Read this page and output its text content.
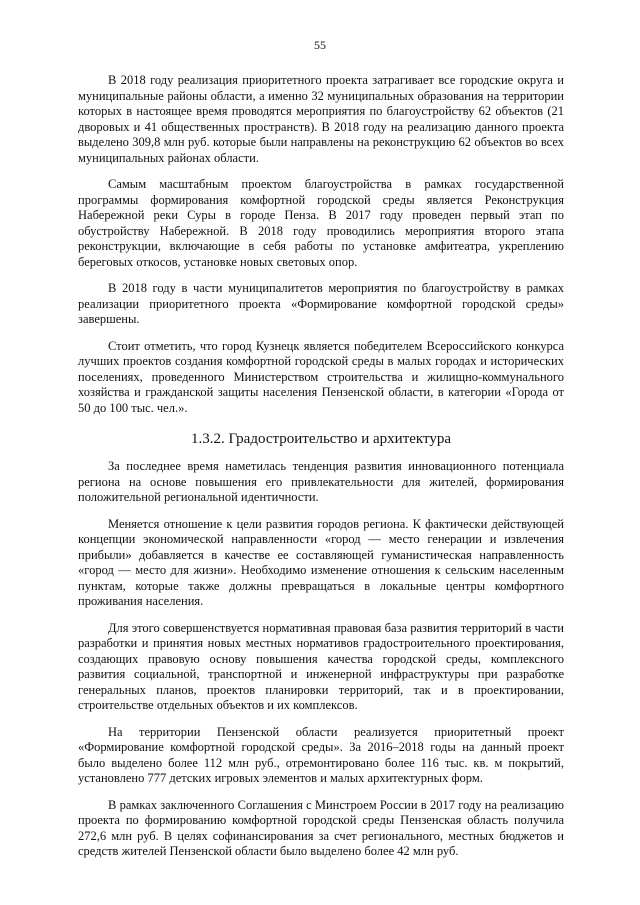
55

В 2018 году реализация приоритетного проекта затрагивает все городские округа и муниципальные районы области, а именно 32 муниципальных образования на территории которых в настоящее время проводятся мероприятия по благоустройству 62 объектов (21 дворовых и 41 общественных пространств). В 2018 году на реализацию данного проекта выделено 309,8 млн руб. которые были направлены на реконструкцию 62 объектов во всех муниципальных районах области.

Самым масштабным проектом благоустройства в рамках государственной программы формирования комфортной городской среды является Реконструкция Набережной реки Суры в городе Пенза. В 2017 году проведен первый этап по обустройству Набережной. В 2018 году проводились мероприятия второго этапа реконструкции, включающие в себя работы по установке амфитеатра, укреплению береговых откосов, установке новых световых опор.

В 2018 году в части муниципалитетов мероприятия по благоустройству в рамках реализации приоритетного проекта «Формирование комфортной городской среды» завершены.

Стоит отметить, что город Кузнецк является победителем Всероссийского конкурса лучших проектов создания комфортной городской среды в малых городах и исторических поселениях, проведенного Министерством строительства и жилищно-коммунального хозяйства и гражданской защиты населения Пензенской области, в категории «Города от 50 до 100 тыс. чел.».

1.3.2. Градостроительство и архитектура

За последнее время наметилась тенденция развития инновационного потенциала региона на основе повышения его привлекательности для жителей, формирования положительной региональной идентичности.

Меняется отношение к цели развития городов региона. К фактически действующей концепции экономической направленности «город — место генерации и извлечения прибыли» добавляется в качестве ее составляющей гуманистическая направленность «город — место для жизни». Необходимо изменение отношения к сельским населенным пунктам, которые также должны превращаться в локальные центры комфортного проживания населения.

Для этого совершенствуется нормативная правовая база развития территорий в части разработки и принятия новых местных нормативов градостроительного проектирования, создающих правовую основу повышения качества городской среды, комплексного развития социальной, транспортной и инженерной инфраструктуры при разработке генеральных планов, проектов планировки территорий, так и в проектировании, строительстве отдельных объектов и их комплексов.

На территории Пензенской области реализуется приоритетный проект «Формирование комфортной городской среды». За 2016–2018 годы на данный проект было выделено более 112 млн руб., отремонтировано более 116 тыс. кв. м покрытий, установлено 777 детских игровых элементов и малых архитектурных форм.

В рамках заключенного Соглашения с Минстроем России в 2017 году на реализацию проекта по формированию комфортной городской среды Пензенская область получила 272,6 млн руб. В целях софинансирования за счет регионального, местных бюджетов и средств жителей Пензенской области было выделено более 42 млн руб.
